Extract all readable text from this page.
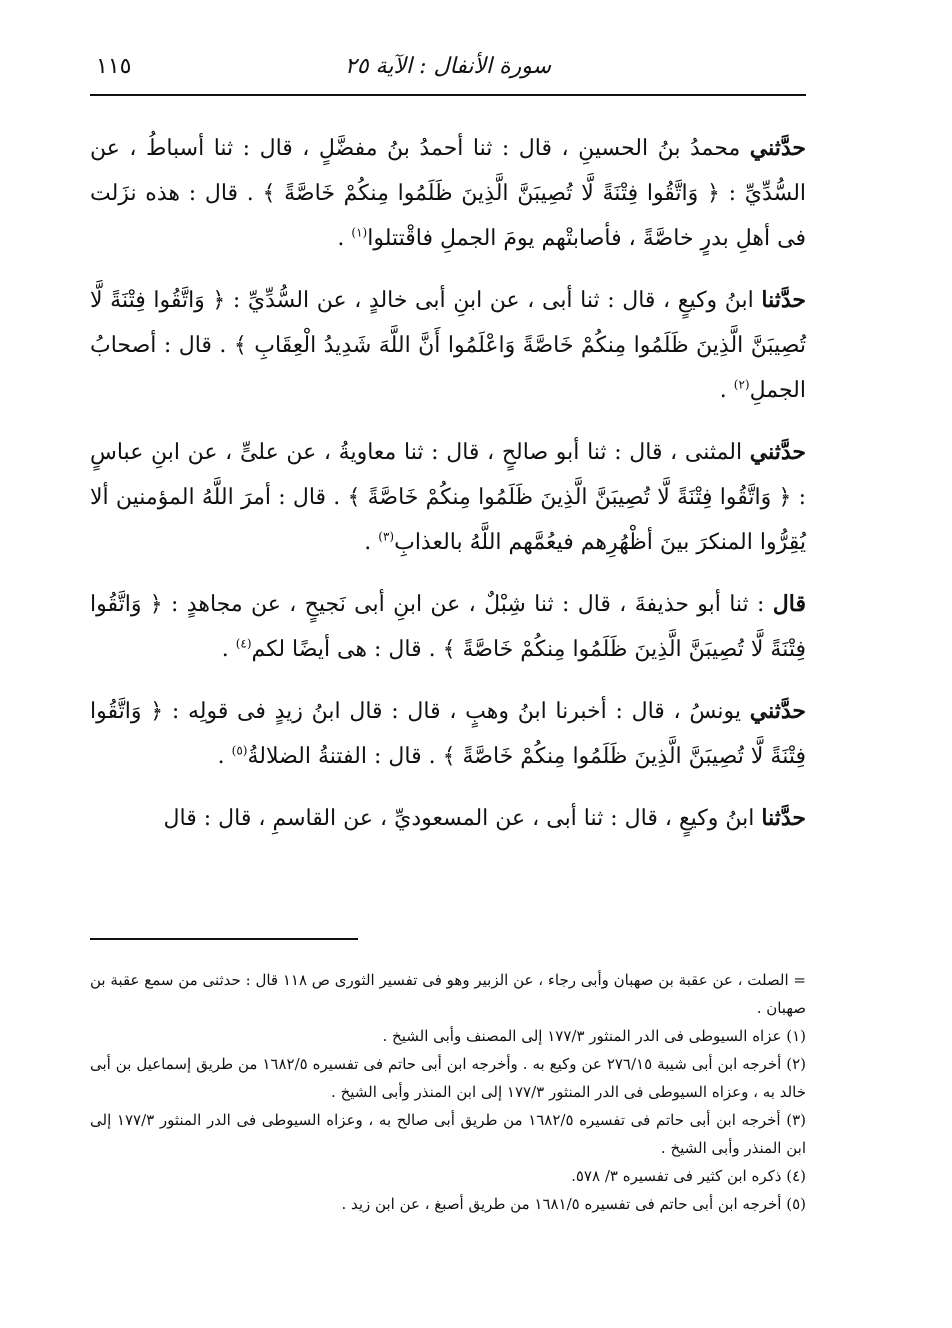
سورة الأنفال : الآية ٢٥
١١٥

حدَّثني محمدُ بنُ الحسينِ ، قال : ثنا أحمدُ بنُ مفضَّلٍ ، قال : ثنا أسباطُ ، عن السُّدِّيِّ : ﴿ وَاتَّقُوا فِتْنَةً لَّا تُصِيبَنَّ الَّذِينَ ظَلَمُوا مِنكُمْ خَاصَّةً ﴾ . قال : هذه نزَلت فى أهلِ بدرٍ خاصَّةً ، فأصابتْهم يومَ الجملِ فاقْتتلوا$^{(١)}$ .

حدَّثنا ابنُ وكيعٍ ، قال : ثنا أبى ، عن ابنِ أبى خالدٍ ، عن السُّدِّيِّ : ﴿ وَاتَّقُوا فِتْنَةً لَّا تُصِيبَنَّ الَّذِينَ ظَلَمُوا مِنكُمْ خَاصَّةً وَاعْلَمُوا أَنَّ اللَّهَ شَدِيدُ الْعِقَابِ ﴾ . قال : أصحابُ الجملِ$^{(٢)}$ .

حدَّثني المثنى ، قال : ثنا أبو صالحٍ ، قال : ثنا معاويةُ ، عن علىٍّ ، عن ابنِ عباسٍ : ﴿ وَاتَّقُوا فِتْنَةً لَّا تُصِيبَنَّ الَّذِينَ ظَلَمُوا مِنكُمْ خَاصَّةً ﴾ . قال : أمرَ اللَّهُ المؤمنين ألا يُقِرُّوا المنكرَ بينَ أظْهُرِهم فيعُمَّهم اللَّهُ بالعذابِ$^{(٣)}$ .

قال : ثنا أبو حذيفةَ ، قال : ثنا شِبْلٌ ، عن ابنِ أبى نَجيحٍ ، عن مجاهدٍ : ﴿ وَاتَّقُوا فِتْنَةً لَّا تُصِيبَنَّ الَّذِينَ ظَلَمُوا مِنكُمْ خَاصَّةً ﴾ . قال : هى أيضًا لكم$^{(٤)}$ .

حدَّثني يونسُ ، قال : أخبرنا ابنُ وهبٍ ، قال : قال ابنُ زيدٍ فى قولِه : ﴿ وَاتَّقُوا فِتْنَةً لَّا تُصِيبَنَّ الَّذِينَ ظَلَمُوا مِنكُمْ خَاصَّةً ﴾ . قال : الفتنةُ الضلالةُ$^{(٥)}$ .

حدَّثنا ابنُ وكيعٍ ، قال : ثنا أبى ، عن المسعوديِّ ، عن القاسمِ ، قال : قال

= الصلت ، عن عقبة بن صهبان وأبى رجاء ، عن الزبير وهو فى تفسير الثورى ص ١١٨ قال : حدثنى من سمع عقبة بن صهبان .

(١) عزاه السيوطى فى الدر المنثور ١٧٧/٣ إلى المصنف وأبى الشيخ .

(٢) أخرجه ابن أبى شيبة ٢٧٦/١٥ عن وكيع به . وأخرجه ابن أبى حاتم فى تفسيره ١٦٨٢/٥ من طريق إسماعيل بن أبى خالد به ، وعزاه السيوطى فى الدر المنثور ١٧٧/٣ إلى ابن المنذر وأبى الشيخ .

(٣) أخرجه ابن أبى حاتم فى تفسيره ١٦٨٢/٥ من طريق أبى صالح به ، وعزاه السيوطى فى الدر المنثور ١٧٧/٣ إلى ابن المنذر وأبى الشيخ .

(٤) ذكره ابن كثير فى تفسيره ٣/ ٥٧٨.

(٥) أخرجه ابن أبى حاتم فى تفسيره ١٦٨١/٥ من طريق أصبغ ، عن ابن زيد .
